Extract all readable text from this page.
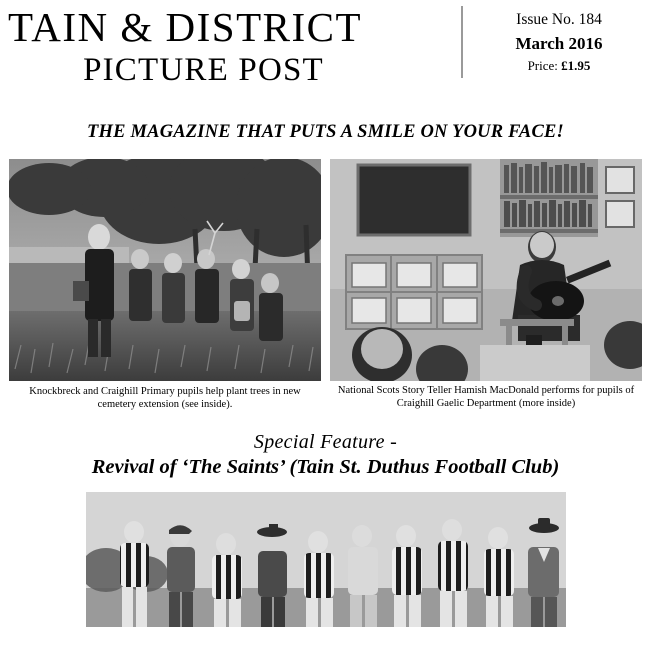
TAIN & DISTRICT
PICTURE POST
Issue No. 184
March 2016
Price: £1.95
THE MAGAZINE THAT PUTS A SMILE ON YOUR FACE!
Knockbreck and Craighill Primary pupils help plant trees in new cemetery extension (see inside).
National Scots Story Teller Hamish MacDonald performs for pupils of Craighill Gaelic Department (more inside)
Special Feature -
Revival of ‘The Saints’ (Tain St. Duthus Football Club)
